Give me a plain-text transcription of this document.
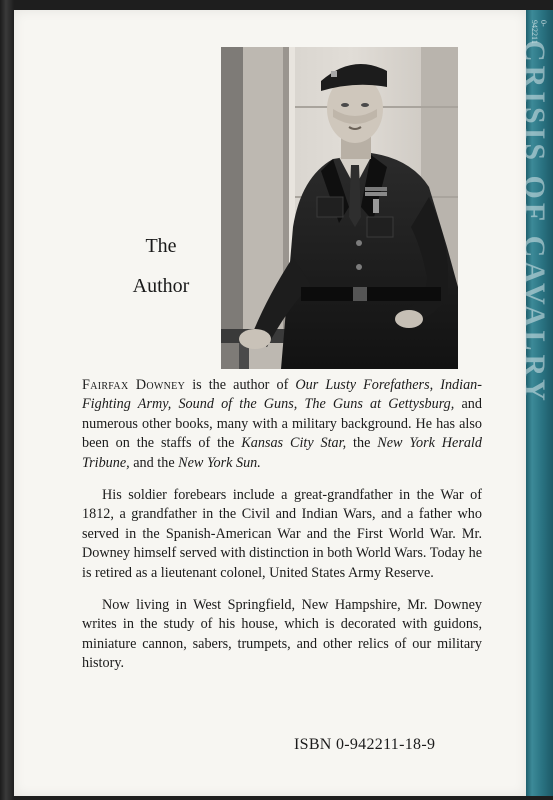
CRISIS OF CAVALRY
0-942211
The
Author

Fairfax Downey is the author of Our Lusty Forefathers, Indian-Fighting Army, Sound of the Guns, The Guns at Gettysburg, and numerous other books, many with a military background. He has also been on the staffs of the Kansas City Star, the New York Herald Tribune, and the New York Sun.

His soldier forebears include a great-grandfather in the War of 1812, a grandfather in the Civil and Indian Wars, and a father who served in the Spanish-American War and the First World War. Mr. Downey himself served with distinction in both World Wars. Today he is retired as a lieutenant colonel, United States Army Reserve.

Now living in West Springfield, New Hampshire, Mr. Downey writes in the study of his house, which is decorated with guidons, miniature cannon, sabers, trumpets, and other relics of our military history.

ISBN 0-942211-18-9
